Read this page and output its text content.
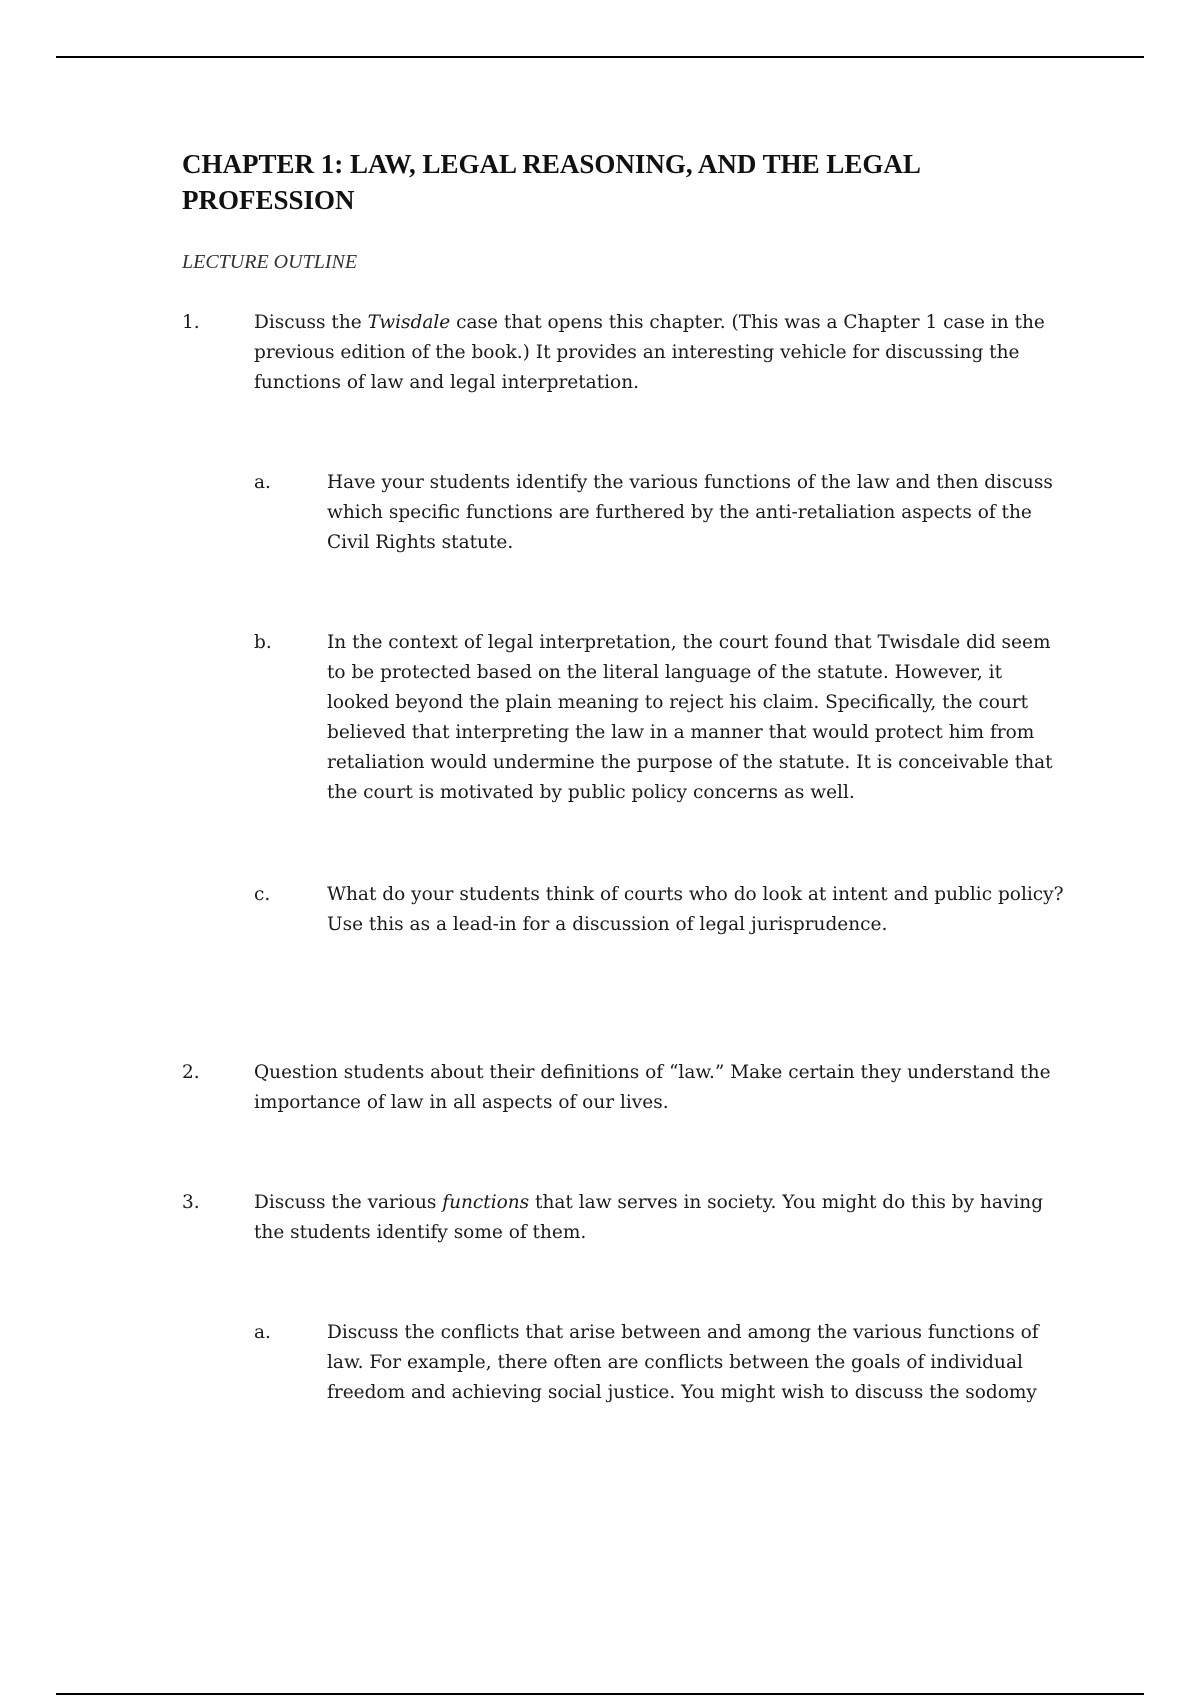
CHAPTER 1: LAW, LEGAL REASONING, AND THE LEGAL PROFESSION

LECTURE OUTLINE

1.	Discuss the Twisdale case that opens this chapter. (This was a Chapter 1 case in the previous edition of the book.) It provides an interesting vehicle for discussing the functions of law and legal interpretation.
a.	Have your students identify the various functions of the law and then discuss which specific functions are furthered by the anti-retaliation aspects of the Civil Rights statute.
b.	In the context of legal interpretation, the court found that Twisdale did seem to be protected based on the literal language of the statute. However, it looked beyond the plain meaning to reject his claim. Specifically, the court believed that interpreting the law in a manner that would protect him from retaliation would undermine the purpose of the statute. It is conceivable that the court is motivated by public policy concerns as well.
c.	What do your students think of courts who do look at intent and public policy? Use this as a lead-in for a discussion of legal jurisprudence.
2.	Question students about their definitions of “law.” Make certain they understand the importance of law in all aspects of our lives.
3.	Discuss the various functions that law serves in society. You might do this by having the students identify some of them.
a.	Discuss the conflicts that arise between and among the various functions of law. For example, there often are conflicts between the goals of individual freedom and achieving social justice. You might wish to discuss the sodomy
